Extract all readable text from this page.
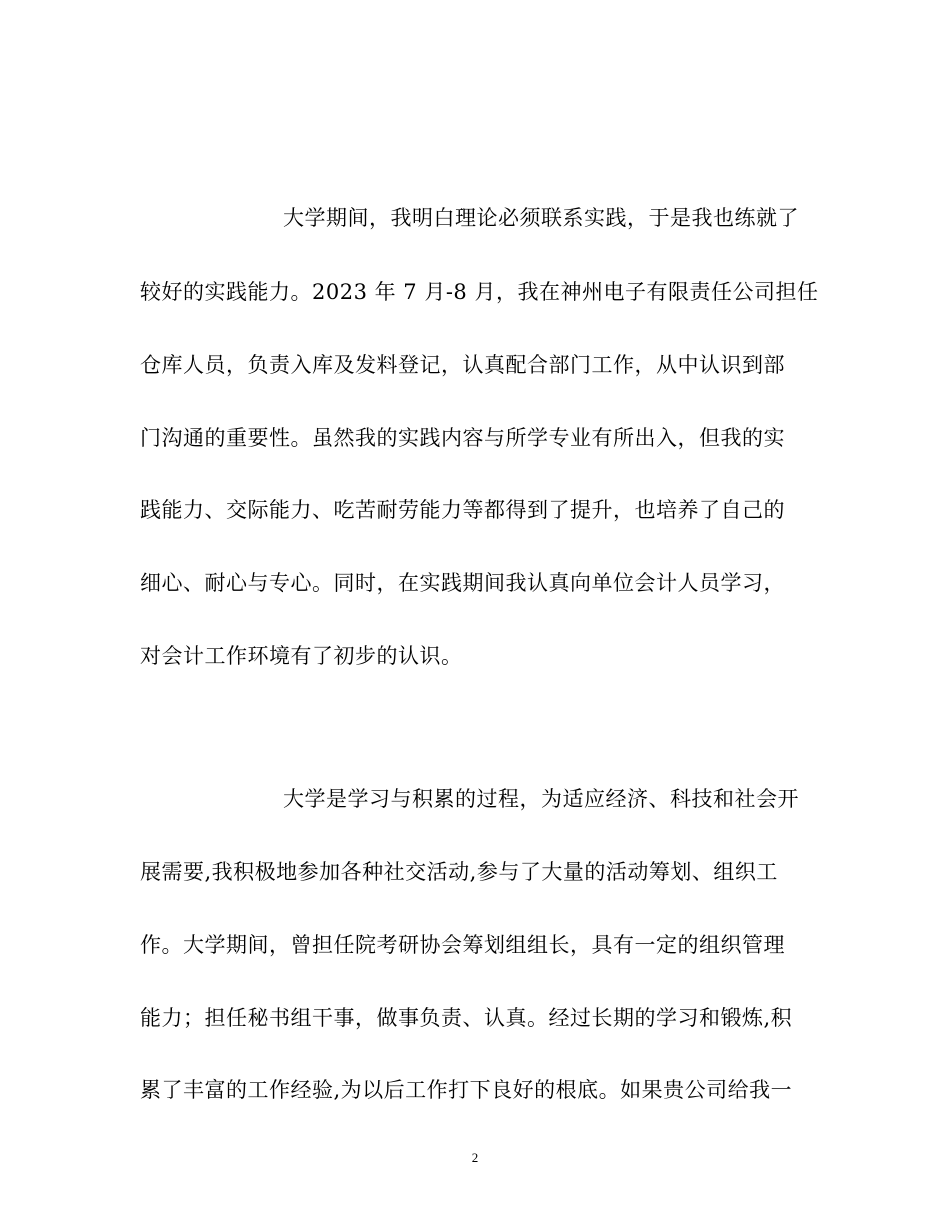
大学期间，我明白理论必须联系实践，于是我也练就了
较好的实践能力。2023 年 7 月-8 月，我在神州电子有限责任公司担任
仓库人员，负责入库及发料登记，认真配合部门工作，从中认识到部
门沟通的重要性。虽然我的实践内容与所学专业有所出入，但我的实
践能力、交际能力、吃苦耐劳能力等都得到了提升，也培养了自己的
细心、耐心与专心。同时，在实践期间我认真向单位会计人员学习，
对会计工作环境有了初步的认识。
大学是学习与积累的过程，为适应经济、科技和社会开
展需要,我积极地参加各种社交活动,参与了大量的活动筹划、组织工
作。大学期间，曾担任院考研协会筹划组组长，具有一定的组织管理
能力；担任秘书组干事，做事负责、认真。经过长期的学习和锻炼,积
累了丰富的工作经验,为以后工作打下良好的根底。如果贵公司给我一
2
